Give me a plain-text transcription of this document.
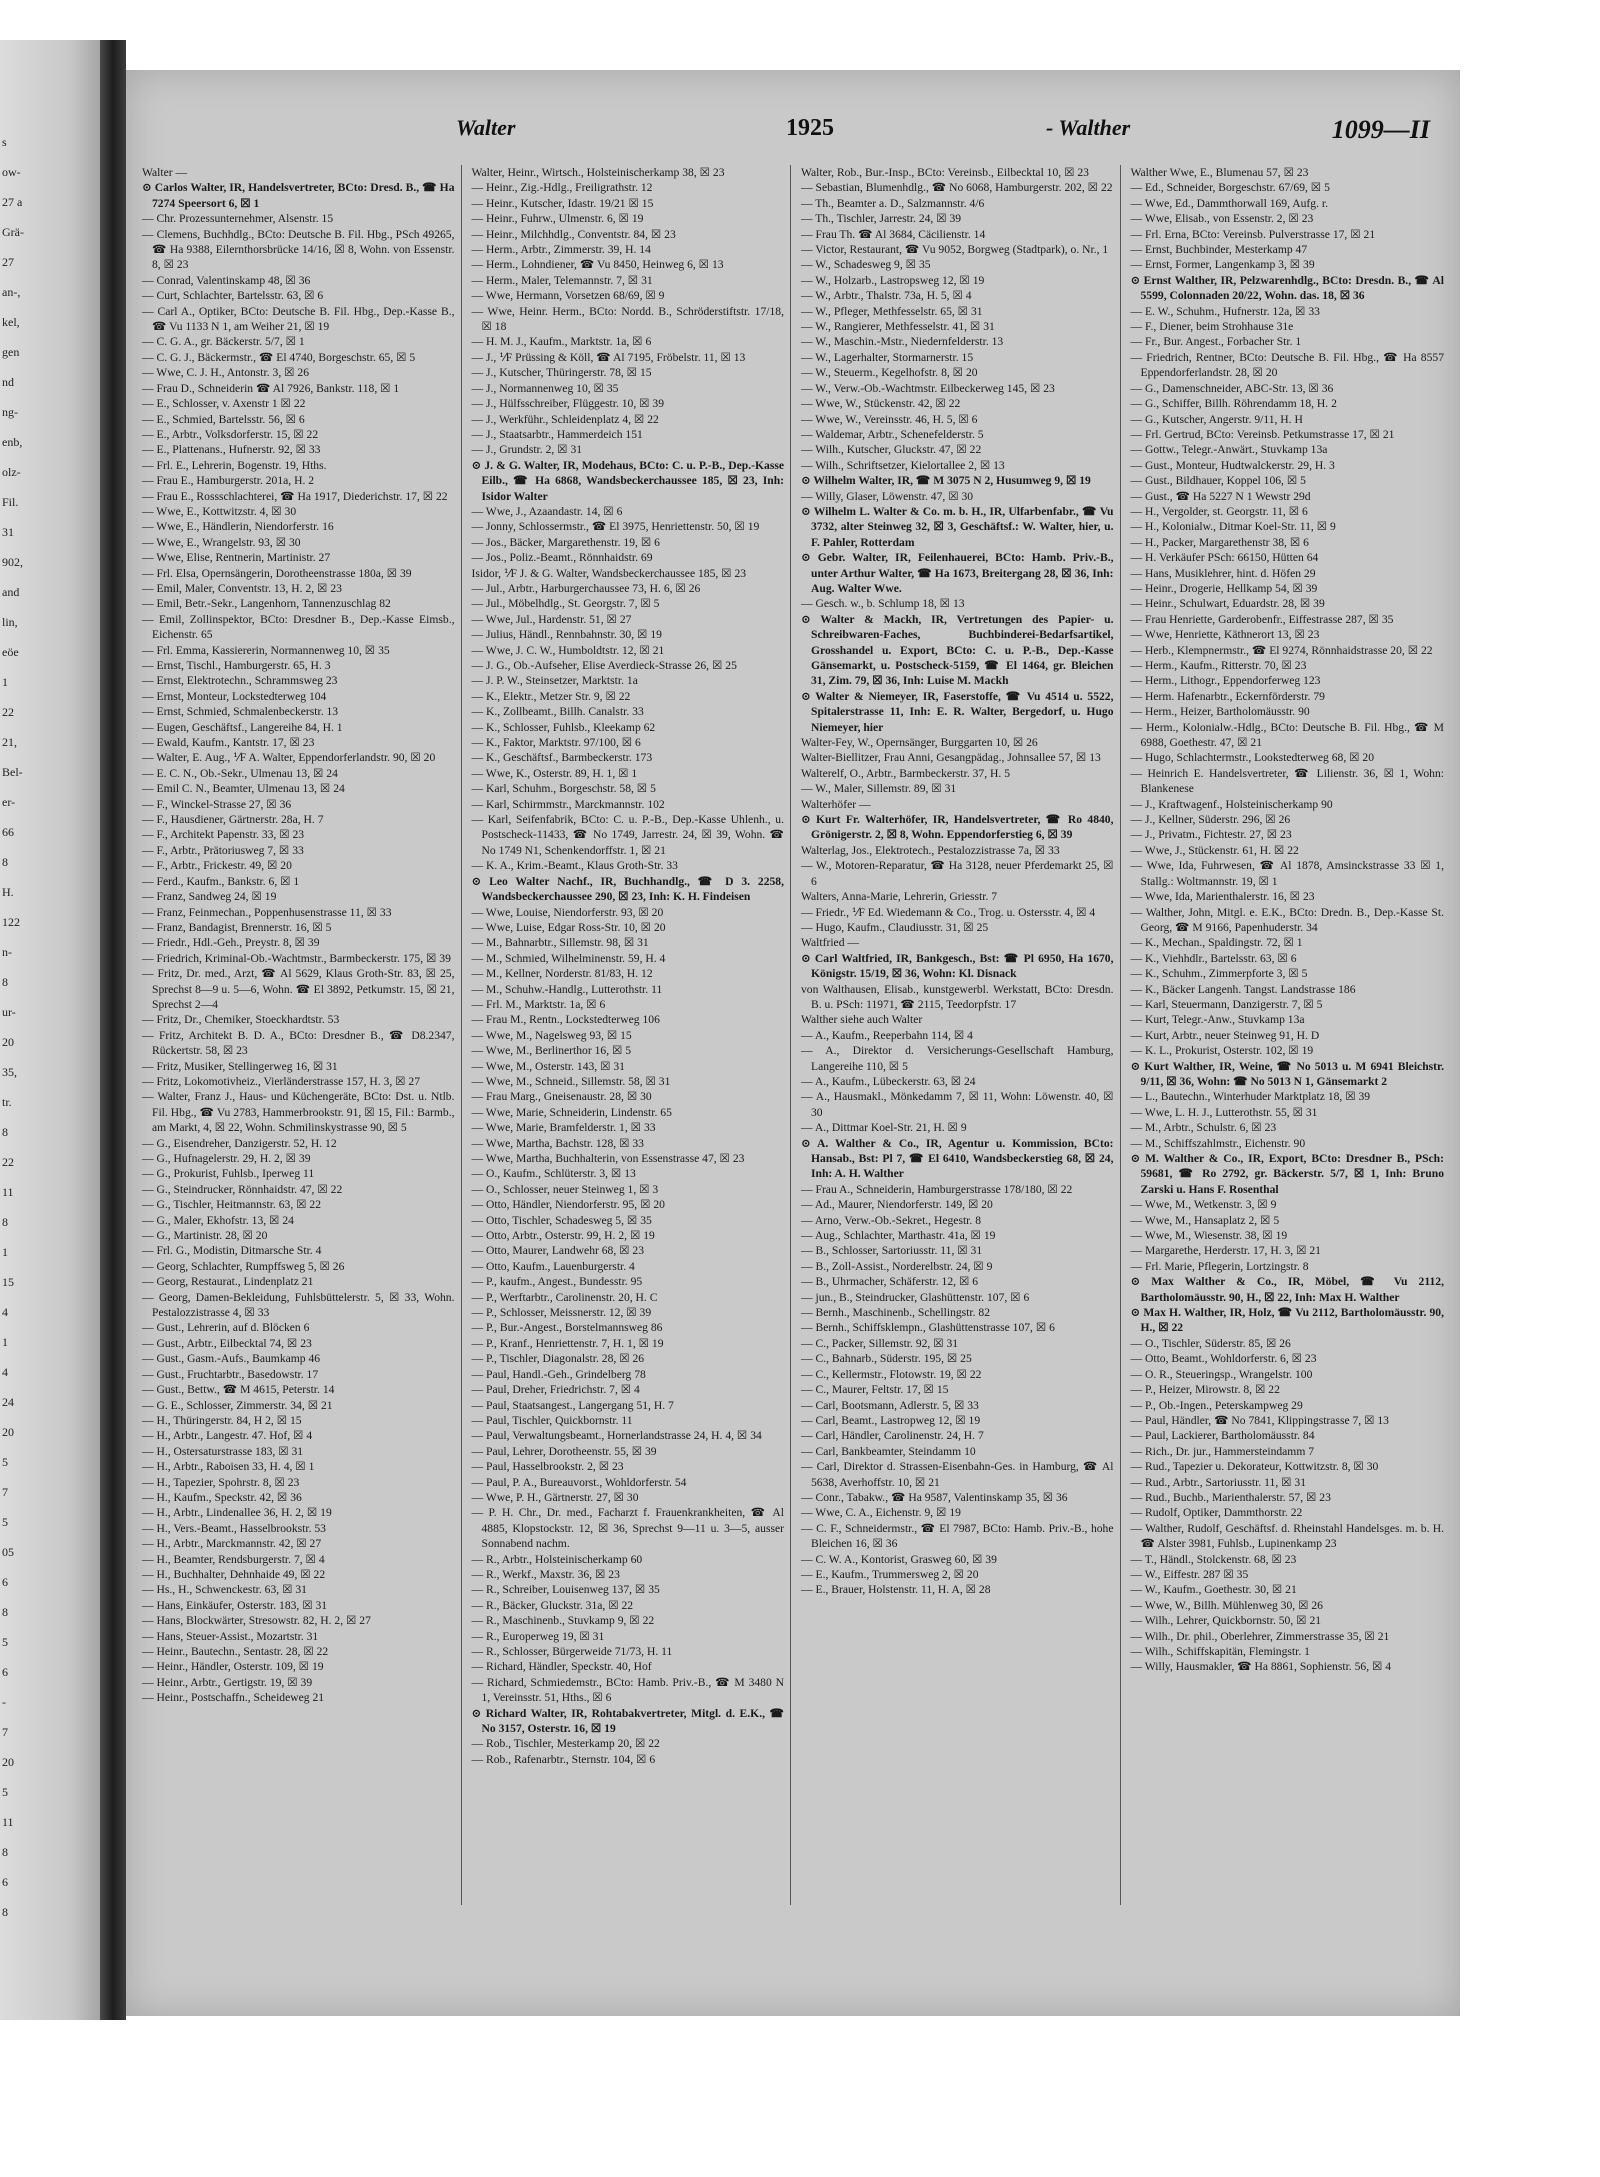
s
ow-
27 a
Grä-
27
an-,
kel,
gen
nd
ng-
enb,
olz-
Fil.
31
902,
and
lin,
eöe
1
22
21,
Bel-
er-
66
8
H.
122
n-
8
ur-
20
35,
tr.
8
22
11
8
1
15
4
1
4
24
20
5
7
5
05
6
8
5
6
-
7
20
5
11
8
6
8
Walter	1925	- Walther	1099—II

Walter —

⊙ Carlos Walter, IR, Handelsvertreter, BCto: Dresd. B., ☎ Ha 7274 Speersort 6, ☒ 1

— Chr. Prozessunternehmer, Alsenstr. 15

— Clemens, Buchhdlg., BCto: Deutsche B. Fil. Hbg., PSch 49265, ☎ Ha 9388, Eilernthorsbrücke 14/16, ☒ 8, Wohn. von Essenstr. 8, ☒ 23

— Conrad, Valentinskamp 48, ☒ 36

— Curt, Schlachter, Bartelsstr. 63, ☒ 6

— Carl A., Optiker, BCto: Deutsche B. Fil. Hbg., Dep.-Kasse B., ☎ Vu 1133 N 1, am Weiher 21, ☒ 19

— C. G. A., gr. Bäckerstr. 5/7, ☒ 1

— C. G. J., Bäckermstr., ☎ El 4740, Borgeschstr. 65, ☒ 5

— Wwe, C. J. H., Antonstr. 3, ☒ 26

— Frau D., Schneiderin ☎ Al 7926, Bankstr. 118, ☒ 1

— E., Schlosser, v. Axenstr 1 ☒ 22

— E., Schmied, Bartelsstr. 56, ☒ 6

— E., Arbtr., Volksdorferstr. 15, ☒ 22

— E., Plattenans., Hufnerstr. 92, ☒ 33

— Frl. E., Lehrerin, Bogenstr. 19, Hths.

— Frau E., Hamburgerstr. 201a, H. 2

— Frau E., Rossschlachterei, ☎ Ha 1917, Diederichstr. 17, ☒ 22

— Wwe, E., Kottwitzstr. 4, ☒ 30

— Wwe, E., Händlerin, Niendorferstr. 16

— Wwe, E., Wrangelstr. 93, ☒ 30

— Wwe, Elise, Rentnerin, Martinistr. 27

— Frl. Elsa, Opernsängerin, Dorotheenstrasse 180a, ☒ 39

— Emil, Maler, Conventstr. 13, H. 2, ☒ 23

— Emil, Betr.-Sekr., Langenhorn, Tannenzuschlag 82

— Emil, Zollinspektor, BCto: Dresdner B., Dep.-Kasse Eimsb., Eichenstr. 65

— Frl. Emma, Kassiererin, Normannenweg 10, ☒ 35

— Ernst, Tischl., Hamburgerstr. 65, H. 3

— Ernst, Elektrotechn., Schrammsweg 23

— Ernst, Monteur, Lockstedterweg 104

— Ernst, Schmied, Schmalenbeckerstr. 13

— Eugen, Geschäftsf., Langereihe 84, H. 1

— Ewald, Kaufm., Kantstr. 17, ☒ 23

— Walter, E. Aug., ⅟F A. Walter, Eppendorferlandstr. 90, ☒ 20

— E. C. N., Ob.-Sekr., Ulmenau 13, ☒ 24

— Emil C. N., Beamter, Ulmenau 13, ☒ 24

— F., Winckel-Strasse 27, ☒ 36

— F., Hausdiener, Gärtnerstr. 28a, H. 7

— F., Architekt Papenstr. 33, ☒ 23

— F., Arbtr., Prätoriusweg 7, ☒ 33

— F., Arbtr., Frickestr. 49, ☒ 20

— Ferd., Kaufm., Bankstr. 6, ☒ 1

— Franz, Sandweg 24, ☒ 19

— Franz, Feinmechan., Poppenhusenstrasse 11, ☒ 33

— Franz, Bandagist, Brennerstr. 16, ☒ 5

— Friedr., Hdl.-Geh., Preystr. 8, ☒ 39

— Friedrich, Kriminal-Ob.-Wachtmstr., Barmbeckerstr. 175, ☒ 39

— Fritz, Dr. med., Arzt, ☎ Al 5629, Klaus Groth-Str. 83, ☒ 25, Sprechst 8—9 u. 5—6, Wohn. ☎ El 3892, Petkumstr. 15, ☒ 21, Sprechst 2—4

— Fritz, Dr., Chemiker, Stoeckhardtstr. 53

— Fritz, Architekt B. D. A., BCto: Dresdner B., ☎ D8.2347, Rückertstr. 58, ☒ 23

— Fritz, Musiker, Stellingerweg 16, ☒ 31

— Fritz, Lokomotivheiz., Vierländerstrasse 157, H. 3, ☒ 27

— Walter, Franz J., Haus- und Küchengeräte, BCto: Dst. u. Ntlb. Fil. Hbg., ☎ Vu 2783, Hammerbrookstr. 91, ☒ 15, Fil.: Barmb., am Markt, 4, ☒ 22, Wohn. Schmilinskystrasse 90, ☒ 5

— G., Eisendreher, Danzigerstr. 52, H. 12

— G., Hufnagelerstr. 29, H. 2, ☒ 39

— G., Prokurist, Fuhlsb., Iperweg 11

— G., Steindrucker, Rönnhaidstr. 47, ☒ 22

— G., Tischler, Heitmannstr. 63, ☒ 22

— G., Maler, Ekhofstr. 13, ☒ 24

— G., Martinistr. 28, ☒ 20

— Frl. G., Modistin, Ditmarsche Str. 4

— Georg, Schlachter, Rumpffsweg 5, ☒ 26

— Georg, Restaurat., Lindenplatz 21

— Georg, Damen-Bekleidung, Fuhlsbüttelerstr. 5, ☒ 33, Wohn. Pestalozzistrasse 4, ☒ 33

— Gust., Lehrerin, auf d. Blöcken 6

— Gust., Arbtr., Eilbecktal 74, ☒ 23

— Gust., Gasm.-Aufs., Baumkamp 46

— Gust., Fruchtarbtr., Basedowstr. 17

— Gust., Bettw., ☎ M 4615, Peterstr. 14

— G. E., Schlosser, Zimmerstr. 34, ☒ 21

— H., Thüringerstr. 84, H 2, ☒ 15

— H., Arbtr., Langestr. 47. Hof, ☒ 4

— H., Ostersaturstrasse 183, ☒ 31

— H., Arbtr., Raboisen 33, H. 4, ☒ 1

— H., Tapezier, Spohrstr. 8, ☒ 23

— H., Kaufm., Speckstr. 42, ☒ 36

— H., Arbtr., Lindenallee 36, H. 2, ☒ 19

— H., Vers.-Beamt., Hasselbrookstr. 53

— H., Arbtr., Marckmannstr. 42, ☒ 27

— H., Beamter, Rendsburgerstr. 7, ☒ 4

— H., Buchhalter, Dehnhaide 49, ☒ 22

— Hs., H., Schwenckestr. 63, ☒ 31

— Hans, Einkäufer, Osterstr. 183, ☒ 31

— Hans, Blockwärter, Stresowstr. 82, H. 2, ☒ 27

— Hans, Steuer-Assist., Mozartstr. 31

— Heinr., Bautechn., Sentastr. 28, ☒ 22

— Heinr., Händler, Osterstr. 109, ☒ 19

— Heinr., Arbtr., Gertigstr. 19, ☒ 39

— Heinr., Postschaffn., Scheideweg 21

Walter, Heinr., Wirtsch., Holsteinischerkamp 38, ☒ 23

— Heinr., Zig.-Hdlg., Freiligrathstr. 12

— Heinr., Kutscher, Idastr. 19/21 ☒ 15

— Heinr., Fuhrw., Ulmenstr. 6, ☒ 19

— Heinr., Milchhdlg., Conventstr. 84, ☒ 23

— Herm., Arbtr., Zimmerstr. 39, H. 14

— Herm., Lohndiener, ☎ Vu 8450, Heinweg 6, ☒ 13

— Herm., Maler, Telemannstr. 7, ☒ 31

— Wwe, Hermann, Vorsetzen 68/69, ☒ 9

— Wwe, Heinr. Herm., BCto: Nordd. B., Schröderstiftstr. 17/18, ☒ 18

— H. M. J., Kaufm., Marktstr. 1a, ☒ 6

— J., ⅟F Prüssing & Köll, ☎ Al 7195, Fröbelstr. 11, ☒ 13

— J., Kutscher, Thüringerstr. 78, ☒ 15

— J., Normannenweg 10, ☒ 35

— J., Hülfsschreiber, Flüggestr. 10, ☒ 39

— J., Werkführ., Schleidenplatz 4, ☒ 22

— J., Staatsarbtr., Hammerdeich 151

— J., Grundstr. 2, ☒ 31

⊙ J. & G. Walter, IR, Modehaus, BCto: C. u. P.-B., Dep.-Kasse Eilb., ☎ Ha 6868, Wandsbeckerchaussee 185, ☒ 23, Inh: Isidor Walter

— Wwe, J., Azaandastr. 14, ☒ 6

— Jonny, Schlossermstr., ☎ El 3975, Henriettenstr. 50, ☒ 19

— Jos., Bäcker, Margarethenstr. 19, ☒ 6

— Jos., Poliz.-Beamt., Rönnhaidstr. 69

Isidor, ⅟F J. & G. Walter, Wandsbeckerchaussee 185, ☒ 23

— Jul., Arbtr., Harburgerchaussee 73, H. 6, ☒ 26

— Jul., Möbelhdlg., St. Georgstr. 7, ☒ 5

— Wwe, Jul., Hardenstr. 51, ☒ 27

— Julius, Händl., Rennbahnstr. 30, ☒ 19

— Wwe, J. C. W., Humboldtstr. 12, ☒ 21

— J. G., Ob.-Aufseher, Elise Averdieck-Strasse 26, ☒ 25

— J. P. W., Steinsetzer, Marktstr. 1a

— K., Elektr., Metzer Str. 9, ☒ 22

— K., Zollbeamt., Billh. Canalstr. 33

— K., Schlosser, Fuhlsb., Kleekamp 62

— K., Faktor, Marktstr. 97/100, ☒ 6

— K., Geschäftsf., Barmbeckerstr. 173

— Wwe, K., Osterstr. 89, H. 1, ☒ 1

— Karl, Schuhm., Borgeschstr. 58, ☒ 5

— Karl, Schirmmstr., Marckmannstr. 102

— Karl, Seifenfabrik, BCto: C. u. P.-B., Dep.-Kasse Uhlenh., u. Postscheck-11433, ☎ No 1749, Jarrestr. 24, ☒ 39, Wohn. ☎ No 1749 N1, Schenkendorffstr. 1, ☒ 21

— K. A., Krim.-Beamt., Klaus Groth-Str. 33

⊙ Leo Walter Nachf., IR, Buchhandlg., ☎ D 3. 2258, Wandsbeckerchaussee 290, ☒ 23, Inh: K. H. Findeisen

— Wwe, Louise, Niendorferstr. 93, ☒ 20

— Wwe, Luise, Edgar Ross-Str. 10, ☒ 20

— M., Bahnarbtr., Sillemstr. 98, ☒ 31

— M., Schmied, Wilhelminenstr. 59, H. 4

— M., Kellner, Norderstr. 81/83, H. 12

— M., Schuhw.-Handlg., Lutterothstr. 11

— Frl. M., Marktstr. 1a, ☒ 6

— Frau M., Rentn., Lockstedterweg 106

— Wwe, M., Nagelsweg 93, ☒ 15

— Wwe, M., Berlinerthor 16, ☒ 5

— Wwe, M., Osterstr. 143, ☒ 31

— Wwe, M., Schneid., Sillemstr. 58, ☒ 31

— Frau Marg., Gneisenaustr. 28, ☒ 30

— Wwe, Marie, Schneiderin, Lindenstr. 65

— Wwe, Marie, Bramfelderstr. 1, ☒ 33

— Wwe, Martha, Bachstr. 128, ☒ 33

— Wwe, Martha, Buchhalterin, von Essenstrasse 47, ☒ 23

— O., Kaufm., Schlüterstr. 3, ☒ 13

— O., Schlosser, neuer Steinweg 1, ☒ 3

— Otto, Händler, Niendorferstr. 95, ☒ 20

— Otto, Tischler, Schadesweg 5, ☒ 35

— Otto, Arbtr., Osterstr. 99, H. 2, ☒ 19

— Otto, Maurer, Landwehr 68, ☒ 23

— Otto, Kaufm., Lauenburgerstr. 4

— P., kaufm., Angest., Bundesstr. 95

— P., Werftarbtr., Carolinenstr. 20, H. C

— P., Schlosser, Meissnerstr. 12, ☒ 39

— P., Bur.-Angest., Borstelmannsweg 86

— P., Kranf., Henriettenstr. 7, H. 1, ☒ 19

— P., Tischler, Diagonalstr. 28, ☒ 26

— Paul, Handl.-Geh., Grindelberg 78

— Paul, Dreher, Friedrichstr. 7, ☒ 4

— Paul, Staatsangest., Langergang 51, H. 7

— Paul, Tischler, Quickbornstr. 11

— Paul, Verwaltungsbeamt., Hornerlandstrasse 24, H. 4, ☒ 34

— Paul, Lehrer, Dorotheenstr. 55, ☒ 39

— Paul, Hasselbrookstr. 2, ☒ 23

— Paul, P. A., Bureauvorst., Wohldorferstr. 54

— Wwe, P. H., Gärtnerstr. 27, ☒ 30

— P. H. Chr., Dr. med., Facharzt f. Frauenkrankheiten, ☎ Al 4885, Klopstockstr. 12, ☒ 36, Sprechst 9—11 u. 3—5, ausser Sonnabend nachm.

— R., Arbtr., Holsteinischerkamp 60

— R., Werkf., Maxstr. 36, ☒ 23

— R., Schreiber, Louisenweg 137, ☒ 35

— R., Bäcker, Gluckstr. 31a, ☒ 22

— R., Maschinenb., Stuvkamp 9, ☒ 22

— R., Europerweg 19, ☒ 31

— R., Schlosser, Bürgerweide 71/73, H. 11

— Richard, Händler, Speckstr. 40, Hof

— Richard, Schmiedemstr., BCto: Hamb. Priv.-B., ☎ M 3480 N 1, Vereinsstr. 51, Hths., ☒ 6

⊙ Richard Walter, IR, Rohtabakvertreter, Mitgl. d. E.K., ☎ No 3157, Osterstr. 16, ☒ 19

— Rob., Tischler, Mesterkamp 20, ☒ 22

— Rob., Rafenarbtr., Sternstr. 104, ☒ 6

Walter, Rob., Bur.-Insp., BCto: Vereinsb., Eilbecktal 10, ☒ 23

— Sebastian, Blumenhdlg., ☎ No 6068, Hamburgerstr. 202, ☒ 22

— Th., Beamter a. D., Salzmannstr. 4/6

— Th., Tischler, Jarrestr. 24, ☒ 39

— Frau Th. ☎ Al 3684, Cäcilienstr. 14

— Victor, Restaurant, ☎ Vu 9052, Borgweg (Stadtpark), o. Nr., 1

— W., Schadesweg 9, ☒ 35

— W., Holzarb., Lastropsweg 12, ☒ 19

— W., Arbtr., Thalstr. 73a, H. 5, ☒ 4

— W., Pfleger, Methfesselstr. 65, ☒ 31

— W., Rangierer, Methfesselstr. 41, ☒ 31

— W., Maschin.-Mstr., Niedernfelderstr. 13

— W., Lagerhalter, Stormarnerstr. 15

— W., Steuerm., Kegelhofstr. 8, ☒ 20

— W., Verw.-Ob.-Wachtmstr. Eilbeckerweg 145, ☒ 23

— Wwe, W., Stückenstr. 42, ☒ 22

— Wwe, W., Vereinsstr. 46, H. 5, ☒ 6

— Waldemar, Arbtr., Schenefelderstr. 5

— Wilh., Kutscher, Gluckstr. 47, ☒ 22

— Wilh., Schriftsetzer, Kielortallee 2, ☒ 13

⊙ Wilhelm Walter, IR, ☎ M 3075 N 2, Husumweg 9, ☒ 19

— Willy, Glaser, Löwenstr. 47, ☒ 30

⊙ Wilhelm L. Walter & Co. m. b. H., IR, Ulfarbenfabr., ☎ Vu 3732, alter Steinweg 32, ☒ 3, Geschäftsf.: W. Walter, hier, u. F. Pahler, Rotterdam

⊙ Gebr. Walter, IR, Feilenhauerei, BCto: Hamb. Priv.-B., unter Arthur Walter, ☎ Ha 1673, Breitergang 28, ☒ 36, Inh: Aug. Walter Wwe.

— Gesch. w., b. Schlump 18, ☒ 13

⊙ Walter & Mackh, IR, Vertretungen des Papier- u. Schreibwaren-Faches, Buchbinderei-Bedarfsartikel, Grosshandel u. Export, BCto: C. u. P.-B., Dep.-Kasse Gänsemarkt, u. Postscheck-5159, ☎ El 1464, gr. Bleichen 31, Zim. 79, ☒ 36, Inh: Luise M. Mackh

⊙ Walter & Niemeyer, IR, Faserstoffe, ☎ Vu 4514 u. 5522, Spitalerstrasse 11, Inh: E. R. Walter, Bergedorf, u. Hugo Niemeyer, hier

Walter-Fey, W., Opernsänger, Burggarten 10, ☒ 26

Walter-Biellitzer, Frau Anni, Gesangpädag., Johnsallee 57, ☒ 13

Walterelf, O., Arbtr., Barmbeckerstr. 37, H. 5

— W., Maler, Sillemstr. 89, ☒ 31

Walterhöfer —

⊙ Kurt Fr. Walterhöfer, IR, Handelsvertreter, ☎ Ro 4840, Grönigerstr. 2, ☒ 8, Wohn. Eppendorferstieg 6, ☒ 39

Walterlag, Jos., Elektrotech., Pestalozzistrasse 7a, ☒ 33

— W., Motoren-Reparatur, ☎ Ha 3128, neuer Pferdemarkt 25, ☒ 6

Walters, Anna-Marie, Lehrerin, Griesstr. 7

— Friedr., ⅟F Ed. Wiedemann & Co., Trog. u. Ostersstr. 4, ☒ 4

— Hugo, Kaufm., Claudiusstr. 31, ☒ 25

Waltfried —

⊙ Carl Waltfried, IR, Bankgesch., Bst: ☎ Pl 6950, Ha 1670, Königstr. 15/19, ☒ 36, Wohn: Kl. Disnack

von Walthausen, Elisab., kunstgewerbl. Werkstatt, BCto: Dresdn. B. u. PSch: 11971, ☎ 2115, Teedorpfstr. 17

Walther siehe auch Walter

— A., Kaufm., Reeperbahn 114, ☒ 4

— A., Direktor d. Versicherungs-Gesellschaft Hamburg, Langereihe 110, ☒ 5

— A., Kaufm., Lübeckerstr. 63, ☒ 24

— A., Hausmakl., Mönkedamm 7, ☒ 11, Wohn: Löwenstr. 40, ☒ 30

— A., Dittmar Koel-Str. 21, H. ☒ 9

⊙ A. Walther & Co., IR, Agentur u. Kommission, BCto: Hansab., Bst: Pl 7, ☎ El 6410, Wandsbeckerstieg 68, ☒ 24, Inh: A. H. Walther

— Frau A., Schneiderin, Hamburgerstrasse 178/180, ☒ 22

— Ad., Maurer, Niendorferstr. 149, ☒ 20

— Arno, Verw.-Ob.-Sekret., Hegestr. 8

— Aug., Schlachter, Marthastr. 41a, ☒ 19

— B., Schlosser, Sartoriusstr. 11, ☒ 31

— B., Zoll-Assist., Norderelbstr. 24, ☒ 9

— B., Uhrmacher, Schäferstr. 12, ☒ 6

— jun., B., Steindrucker, Glashüttenstr. 107, ☒ 6

— Bernh., Maschinenb., Schellingstr. 82

— Bernh., Schiffsklempn., Glashüttenstrasse 107, ☒ 6

— C., Packer, Sillemstr. 92, ☒ 31

— C., Bahnarb., Süderstr. 195, ☒ 25

— C., Kellermstr., Flotowstr. 19, ☒ 22

— C., Maurer, Feltstr. 17, ☒ 15

— Carl, Bootsmann, Adlerstr. 5, ☒ 33

— Carl, Beamt., Lastropweg 12, ☒ 19

— Carl, Händler, Carolinenstr. 24, H. 7

— Carl, Bankbeamter, Steindamm 10

— Carl, Direktor d. Strassen-Eisenbahn-Ges. in Hamburg, ☎ Al 5638, Averhoffstr. 10, ☒ 21

— Conr., Tabakw., ☎ Ha 9587, Valentinskamp 35, ☒ 36

— Wwe, C. A., Eichenstr. 9, ☒ 19

— C. F., Schneidermstr., ☎ El 7987, BCto: Hamb. Priv.-B., hohe Bleichen 16, ☒ 36

— C. W. A., Kontorist, Grasweg 60, ☒ 39

— E., Kaufm., Trummersweg 2, ☒ 20

— E., Brauer, Holstenstr. 11, H. A, ☒ 28

Walther Wwe, E., Blumenau 57, ☒ 23

— Ed., Schneider, Borgeschstr. 67/69, ☒ 5

— Wwe, Ed., Dammthorwall 169, Aufg. r.

— Wwe, Elisab., von Essenstr. 2, ☒ 23

— Frl. Erna, BCto: Vereinsb. Pulverstrasse 17, ☒ 21

— Ernst, Buchbinder, Mesterkamp 47

— Ernst, Former, Langenkamp 3, ☒ 39

⊙ Ernst Walther, IR, Pelzwarenhdlg., BCto: Dresdn. B., ☎ Al 5599, Colonnaden 20/22, Wohn. das. 18, ☒ 36

— E. W., Schuhm., Hufnerstr. 12a, ☒ 33

— F., Diener, beim Strohhause 31e

— Fr., Bur. Angest., Forbacher Str. 1

— Friedrich, Rentner, BCto: Deutsche B. Fil. Hbg., ☎ Ha 8557 Eppendorferlandstr. 28, ☒ 20

— G., Damenschneider, ABC-Str. 13, ☒ 36

— G., Schiffer, Billh. Röhrendamm 18, H. 2

— G., Kutscher, Angerstr. 9/11, H. H

— Frl. Gertrud, BCto: Vereinsb. Petkumstrasse 17, ☒ 21

— Gottw., Telegr.-Anwärt., Stuvkamp 13a

— Gust., Monteur, Hudtwalckerstr. 29, H. 3

— Gust., Bildhauer, Koppel 106, ☒ 5

— Gust., ☎ Ha 5227 N 1 Wewstr 29d

— H., Vergolder, st. Georgstr. 11, ☒ 6

— H., Kolonialw., Ditmar Koel-Str. 11, ☒ 9

— H., Packer, Margarethenstr 38, ☒ 6

— H. Verkäufer PSch: 66150, Hütten 64

— Hans, Musiklehrer, hint. d. Höfen 29

— Heinr., Drogerie, Hellkamp 54, ☒ 39

— Heinr., Schulwart, Eduardstr. 28, ☒ 39

— Frau Henriette, Garderobenfr., Eiffestrasse 287, ☒ 35

— Wwe, Henriette, Käthnerort 13, ☒ 23

— Herb., Klempnermstr., ☎ El 9274, Rönnhaidstrasse 20, ☒ 22

— Herm., Kaufm., Ritterstr. 70, ☒ 23

— Herm., Lithogr., Eppendorferweg 123

— Herm. Hafenarbtr., Eckernförderstr. 79

— Herm., Heizer, Bartholomäusstr. 90

— Herm., Kolonialw.-Hdlg., BCto: Deutsche B. Fil. Hbg., ☎ M 6988, Goethestr. 47, ☒ 21

— Hugo, Schlachtermstr., Lookstedterweg 68, ☒ 20

— Heinrich E. Handelsvertreter, ☎ Lilienstr. 36, ☒ 1, Wohn: Blankenese

— J., Kraftwagenf., Holsteinischerkamp 90

— J., Kellner, Süderstr. 296, ☒ 26

— J., Privatm., Fichtestr. 27, ☒ 23

— Wwe, J., Stückenstr. 61, H. ☒ 22

— Wwe, Ida, Fuhrwesen, ☎ Al 1878, Amsinckstrasse 33 ☒ 1, Stallg.: Woltmannstr. 19, ☒ 1

— Wwe, Ida, Marienthalerstr. 16, ☒ 23

— Walther, John, Mitgl. e. E.K., BCto: Dredn. B., Dep.-Kasse St. Georg, ☎ M 9166, Papenhuderstr. 34

— K., Mechan., Spaldingstr. 72, ☒ 1

— K., Viehhdlr., Bartelsstr. 63, ☒ 6

— K., Schuhm., Zimmerpforte 3, ☒ 5

— K., Bäcker Langenh. Tangst. Landstrasse 186

— Karl, Steuermann, Danzigerstr. 7, ☒ 5

— Kurt, Telegr.-Anw., Stuvkamp 13a

— Kurt, Arbtr., neuer Steinweg 91, H. D

— K. L., Prokurist, Osterstr. 102, ☒ 19

⊙ Kurt Walther, IR, Weine, ☎ No 5013 u. M 6941 Bleichstr. 9/11, ☒ 36, Wohn: ☎ No 5013 N 1, Gänsemarkt 2

— L., Bautechn., Winterhuder Marktplatz 18, ☒ 39

— Wwe, L. H. J., Lutterothstr. 55, ☒ 31

— M., Arbtr., Schulstr. 6, ☒ 23

— M., Schiffszahlmstr., Eichenstr. 90

⊙ M. Walther & Co., IR, Export, BCto: Dresdner B., PSch: 59681, ☎ Ro 2792, gr. Bäckerstr. 5/7, ☒ 1, Inh: Bruno Zarski u. Hans F. Rosenthal

— Wwe, M., Wetkenstr. 3, ☒ 9

— Wwe, M., Hansaplatz 2, ☒ 5

— Wwe, M., Wiesenstr. 38, ☒ 19

— Margarethe, Herderstr. 17, H. 3, ☒ 21

— Frl. Marie, Pflegerin, Lortzingstr. 8

⊙ Max Walther & Co., IR, Möbel, ☎ Vu 2112, Bartholomäusstr. 90, H., ☒ 22, Inh: Max H. Walther

⊙ Max H. Walther, IR, Holz, ☎ Vu 2112, Bartholomäusstr. 90, H., ☒ 22

— O., Tischler, Süderstr. 85, ☒ 26

— Otto, Beamt., Wohldorferstr. 6, ☒ 23

— O. R., Steueringsp., Wrangelstr. 100

— P., Heizer, Mirowstr. 8, ☒ 22

— P., Ob.-Ingen., Peterskampweg 29

— Paul, Händler, ☎ No 7841, Klippingstrasse 7, ☒ 13

— Paul, Lackierer, Bartholomäusstr. 84

— Rich., Dr. jur., Hammersteindamm 7

— Rud., Tapezier u. Dekorateur, Kottwitzstr. 8, ☒ 30

— Rud., Arbtr., Sartoriusstr. 11, ☒ 31

— Rud., Buchb., Marienthalerstr. 57, ☒ 23

— Rudolf, Optiker, Dammthorstr. 22

— Walther, Rudolf, Geschäftsf. d. Rheinstahl Handelsges. m. b. H. ☎ Alster 3981, Fuhlsb., Lupinenkamp 23

— T., Händl., Stolckenstr. 68, ☒ 23

— W., Eiffestr. 287 ☒ 35

— W., Kaufm., Goethestr. 30, ☒ 21

— Wwe, W., Billh. Mühlenweg 30, ☒ 26

— Wilh., Lehrer, Quickbornstr. 50, ☒ 21

— Wilh., Dr. phil., Oberlehrer, Zimmerstrasse 35, ☒ 21

— Wilh., Schiffskapitän, Flemingstr. 1

— Willy, Hausmakler, ☎ Ha 8861, Sophienstr. 56, ☒ 4
